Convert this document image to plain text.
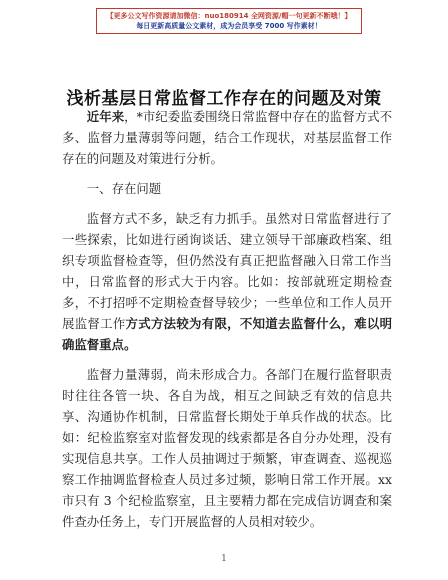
【更多公文写作资源请加微信：nuo180914 全网资源/帽一句更新不断哦！】
每日更新高质量公文素材，成为会员享受 7000 写作素材！
浅析基层日常监督工作存在的问题及对策

近年来，*市纪委监委围绕日常监督中存在的监督方式不多、监督力量薄弱等问题，结合工作现状，对基层监督工作存在的问题及对策进行分析。

一、存在问题

监督方式不多，缺乏有力抓手。虽然对日常监督进行了一些探索，比如进行函询谈话、建立领导干部廉政档案、组织专项监督检查等，但仍然没有真正把监督融入日常工作当中，日常监督的形式大于内容。比如：按部就班定期检查多，不打招呼不定期检查督导较少；一些单位和工作人员开展监督工作方式方法较为有限，不知道去监督什么，难以明确监督重点。

监督力量薄弱，尚未形成合力。各部门在履行监督职责时往往各管一块、各自为战，相互之间缺乏有效的信息共享、沟通协作机制，日常监督长期处于单兵作战的状态。比如：纪检监察室对监督发现的线索都是各自分办处理，没有实现信息共享。工作人员抽调过于频繁，审查调查、巡视巡察工作抽调监督检查人员过多过频，影响日常工作开展。xx 市只有 3 个纪检监察室，且主要精力都在完成信访调查和案件查办任务上，专门开展监督的人员相对较少。

1
